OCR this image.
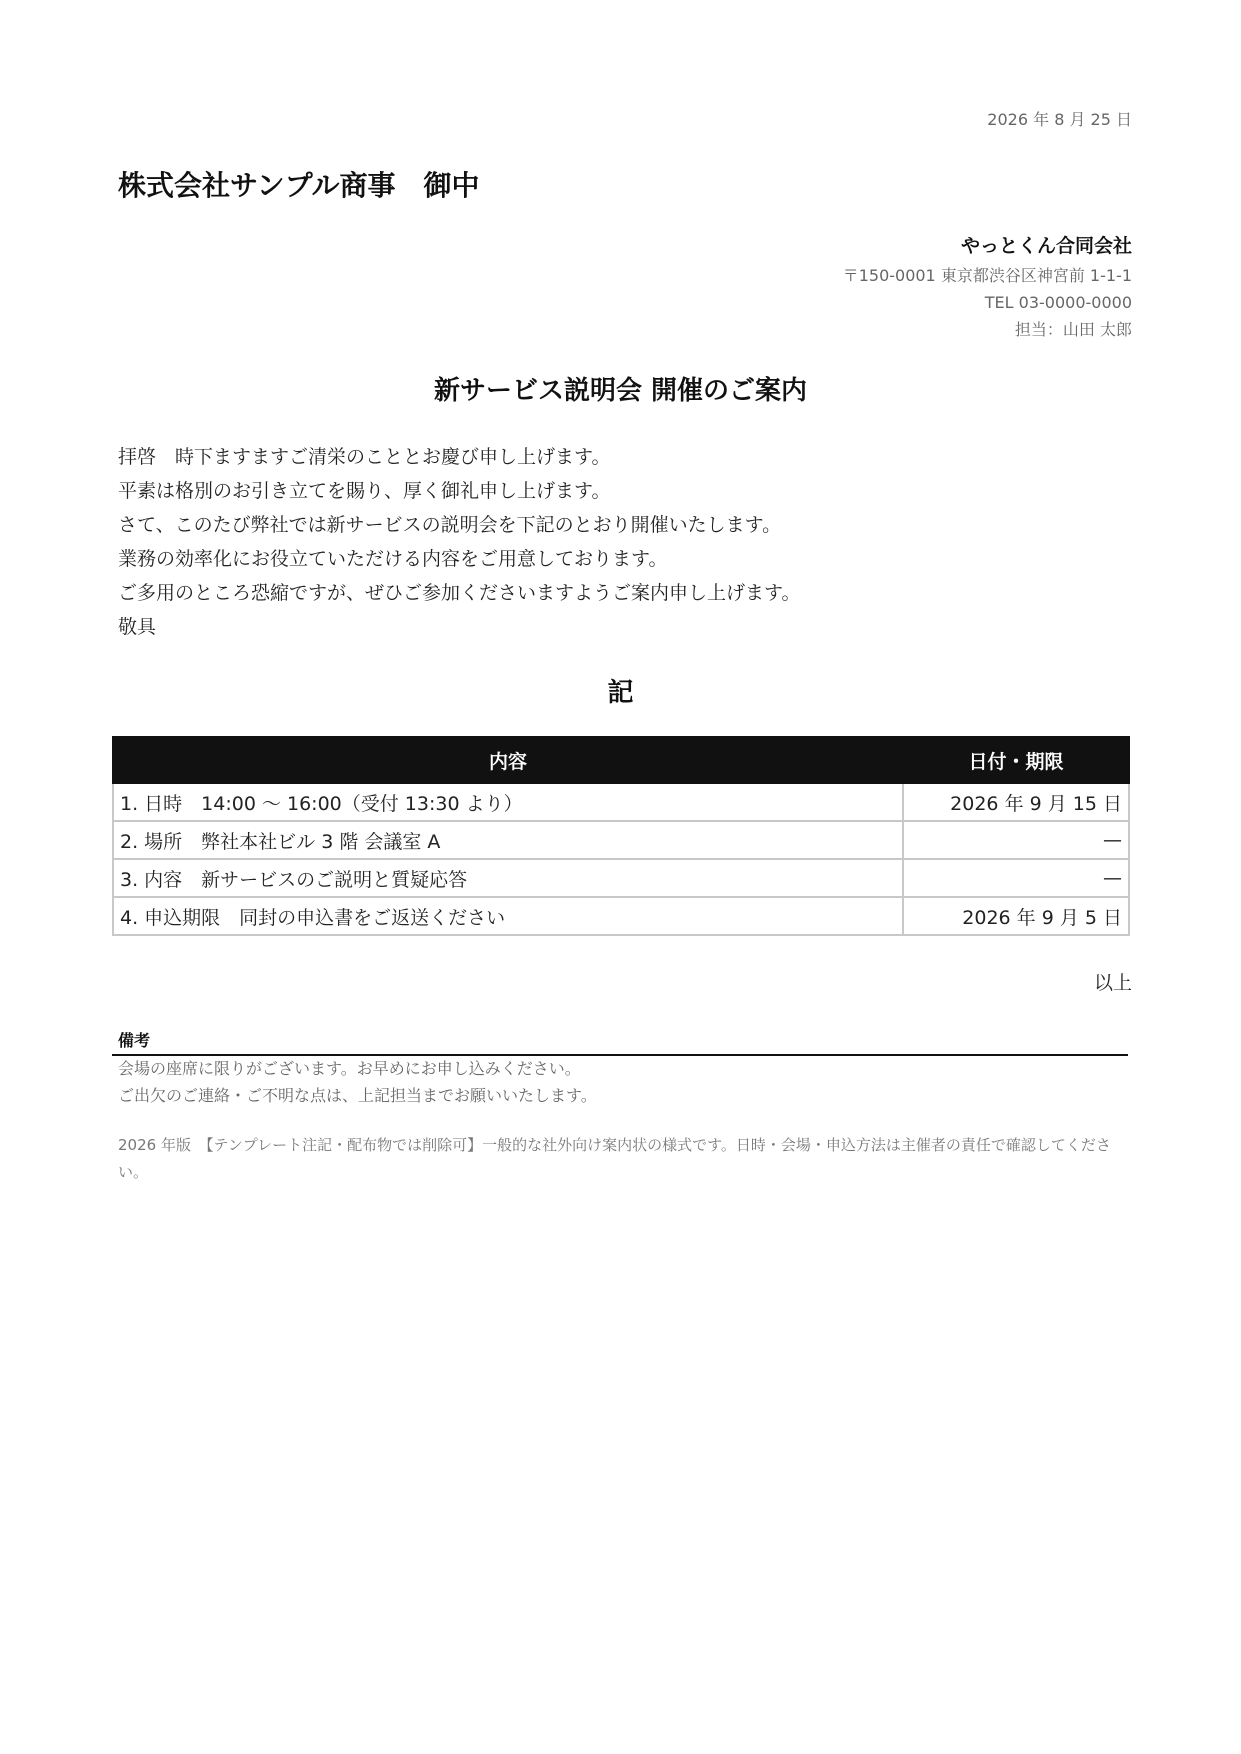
2026 年 8 月 25 日
株式会社サンプル商事　御中
やっとくん合同会社
〒150-0001 東京都渋谷区神宮前 1-1-1
TEL 03-0000-0000
担当：山田 太郎
新サービス説明会 開催のご案内
拝啓　時下ますますご清栄のこととお慶び申し上げます。
平素は格別のお引き立てを賜り、厚く御礼申し上げます。
さて、このたび弊社では新サービスの説明会を下記のとおり開催いたします。
業務の効率化にお役立ていただける内容をご用意しております。
ご多用のところ恐縮ですが、ぜひご参加くださいますようご案内申し上げます。
敬具
記
内容	日付・期限
1. 日時　14:00 〜 16:00（受付 13:30 より）	2026 年 9 月 15 日
2. 場所　弊社本社ビル 3 階 会議室 A	—
3. 内容　新サービスのご説明と質疑応答	—
4. 申込期限　同封の申込書をご返送ください	2026 年 9 月 5 日
以上
備考
会場の座席に限りがございます。お早めにお申し込みください。
ご出欠のご連絡・ご不明な点は、上記担当までお願いいたします。
2026 年版　【テンプレート注記・配布物では削除可】一般的な社外向け案内状の様式です。日時・会場・申込方法は主催者の責任で確認してください。
